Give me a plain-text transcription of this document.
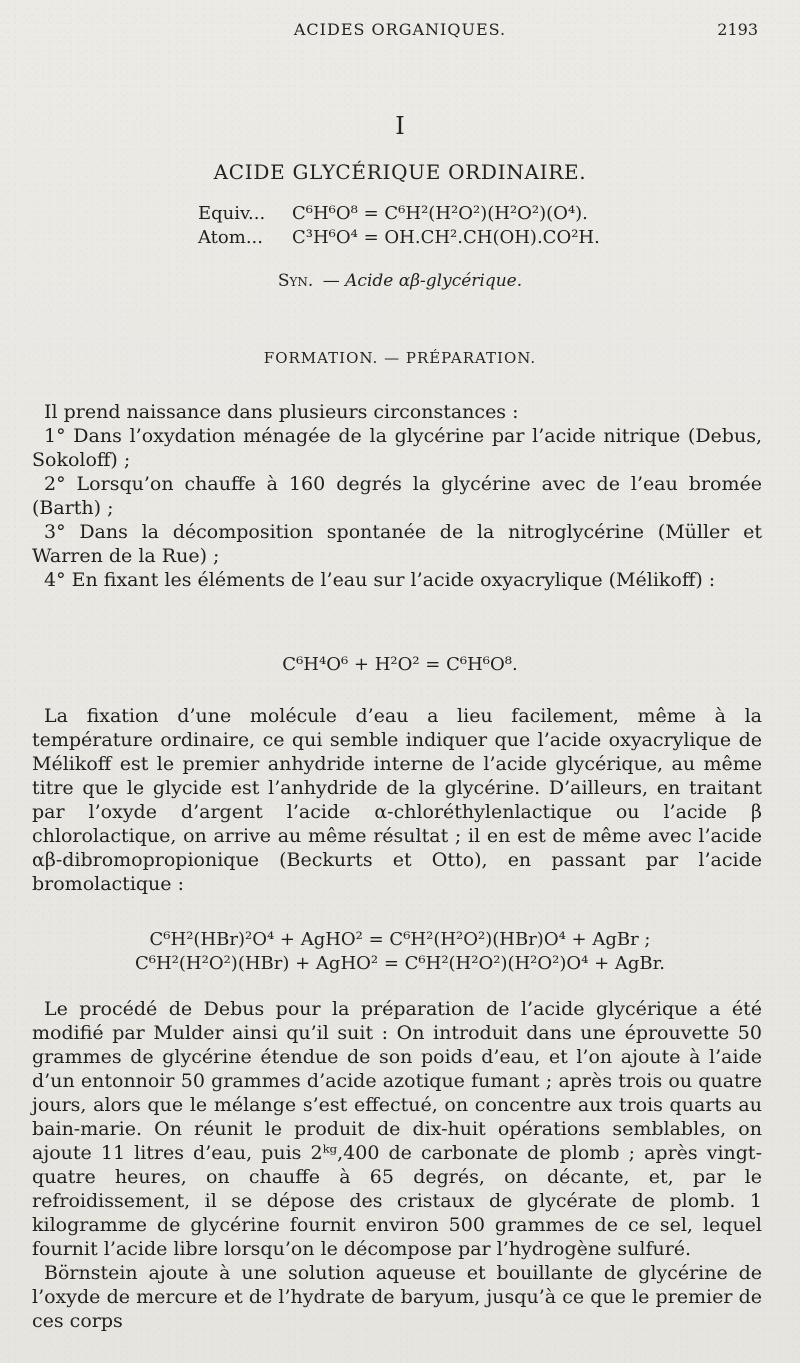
ACIDES ORGANIQUES.	2193
I
ACIDE GLYCÉRIQUE ORDINAIRE.
Equiv...	C⁶H⁶O⁸ = C⁶H²(H²O²)(H²O²)(O⁴).
Atom...	C³H⁶O⁴ = OH.CH².CH(OH).CO²H.
Syn. — Acide αβ-glycérique.
FORMATION. — PRÉPARATION.

Il prend naissance dans plusieurs circonstances :

1° Dans l’oxydation ménagée de la glycérine par l’acide nitrique (Debus, Sokoloff) ;

2° Lorsqu’on chauffe à 160 degrés la glycérine avec de l’eau bromée (Barth) ;

3° Dans la décomposition spontanée de la nitroglycérine (Müller et Warren de la Rue) ;

4° En fixant les éléments de l’eau sur l’acide oxyacrylique (Mélikoff) :

C⁶H⁴O⁶ + H²O² = C⁶H⁶O⁸.

La fixation d’une molécule d’eau a lieu facilement, même à la température ordinaire, ce qui semble indiquer que l’acide oxyacrylique de Mélikoff est le premier anhydride interne de l’acide glycérique, au même titre que le glycide est l’anhydride de la glycérine. D’ailleurs, en traitant par l’oxyde d’argent l’acide α-chloréthylenlactique ou l’acide β chlorolactique, on arrive au même résultat ; il en est de même avec l’acide αβ-dibromopropionique (Beckurts et Otto), en passant par l’acide bromolactique :

C⁶H²(HBr)²O⁴ + AgHO² = C⁶H²(H²O²)(HBr)O⁴ + AgBr ;
C⁶H²(H²O²)(HBr) + AgHO² = C⁶H²(H²O²)(H²O²)O⁴ + AgBr.

Le procédé de Debus pour la préparation de l’acide glycérique a été modifié par Mulder ainsi qu’il suit : On introduit dans une éprouvette 50 grammes de glycérine étendue de son poids d’eau, et l’on ajoute à l’aide d’un entonnoir 50 grammes d’acide azotique fumant ; après trois ou quatre jours, alors que le mélange s’est effectué, on concentre aux trois quarts au bain-marie. On réunit le produit de dix-huit opérations semblables, on ajoute 11 litres d’eau, puis 2ᵏᵍ,400 de carbonate de plomb ; après vingt-quatre heures, on chauffe à 65 degrés, on décante, et, par le refroidissement, il se dépose des cristaux de glycérate de plomb. 1 kilogramme de glycérine fournit environ 500 grammes de ce sel, lequel fournit l’acide libre lorsqu’on le décompose par l’hydrogène sulfuré.

Börnstein ajoute à une solution aqueuse et bouillante de glycérine de l’oxyde de mercure et de l’hydrate de baryum, jusqu’à ce que le premier de ces corps
